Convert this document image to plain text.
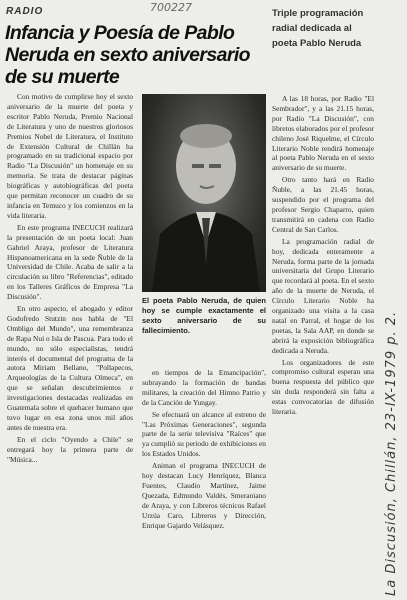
RADIO	700227
Infancia y Poesía de Pablo Neruda en sexto aniversario de su muerte
Triple programación radial dedicada al poeta Pablo Neruda

Con motivo de cumplirse hoy el sexto aniversario de la muerte del poeta y escritor Pablo Neruda, Premio Nacional de Literatura y uno de nuestros gloriosos Premios Nobel de Literatura, el Instituto de Extensión Cultural de Chillán ha programado en su tradicional espacio por Radio "La Discusión" un homenaje en su memoria. Se trata de destacar páginas biográficas y autobiográficas del poeta que permitan reconocer un cuadro de su infancia en Temuco y los comienzos en la vida literaria.

En este programa INECUCH realizará la presentación de un poeta local: Juan Gabriel Araya, profesor de Literatura Hispanoamericana en la sede Ñuble de la Universidad de Chile. Acaba de salir a la circulación su libro "Referencias", editado en los Talleres Gráficos de Empresa "La Discusión".

En otro aspecto, el abogado y editor Godofredo Stutzin nos habla de "El Ombligo del Mundo", una remembranza de Rapa Nui o Isla de Pascua. Para todo el mundo, no sólo especialistas, tendrá interés el documental del programa de la autora Miriam Bellano, "Pollapecos, Arqueologías de la Cultura Olmeca", en que se señalan descubrimientos e investigaciones destacadas realizadas en Guatemala sobre el quehacer humano que tuvo lugar en esa zona unos mil años antes de nuestra era.

En el ciclo "Oyendo a Chile" se entregará hoy la primera parte de "Música...

El poeta Pablo Neruda, de quien hoy se cumple exactamente el sexto aniversario de su fallecimiento.

en tiempos de la Emancipación", subrayando la formación de bandas militares, la creación del Himno Patrio y de la Canción de Yungay.

Se efectuará un alcance al estreno de "Las Próximas Generaciones", segunda parte de la serie televisiva "Raíces" que ya cumplió su periodo de exhibiciones en los Estados Unidos.

Animan el programa INECUCH de hoy destacan Lucy Henríquez, Blanca Fuentes, Claudio Martínez, Jaime Quezada, Edmundo Valdés, Smeraniano de Araya, y con Libreros técnicos Rafael Urzúa Caro, Libreros y Dirección, Enrique Gajardo Velásquez.

A las 18 horas, por Radio "El Sembrador", y a las 21.15 horas, por Radio "La Discusión", con libretos elaborados por el profesor chileno José Riquelme, el Círculo Literario Noble rendirá homenaje al poeta Pablo Neruda en el sexto aniversario de su muerte.

Otro tanto hará en Radio Ñuble, a las 21.45 horas, suspendido por el programa del profesor Sergio Chaparro, quien transmitirá en cadena con Radio Central de San Carlos.

La programación radial de hoy, dedicada enteramente a Neruda, forma parte de la jornada universitaria del Grupo Literario que recordará al poeta. En el sexto año de la muerte de Neruda, el Círculo Literario Noble ha organizado una visita a la casa natal en Parral, el hogar de los poetas, la Sala AAP, en donde se abrirá la exposición bibliográfica dedicada a Neruda.

Los organizadores de este compromiso cultural esperan una buena respuesta del público que sin duda responderá sin falta a estas convocatorias de difusión literaria.	La Discusión, Chillán, 23-IX-1979 p. 2.
